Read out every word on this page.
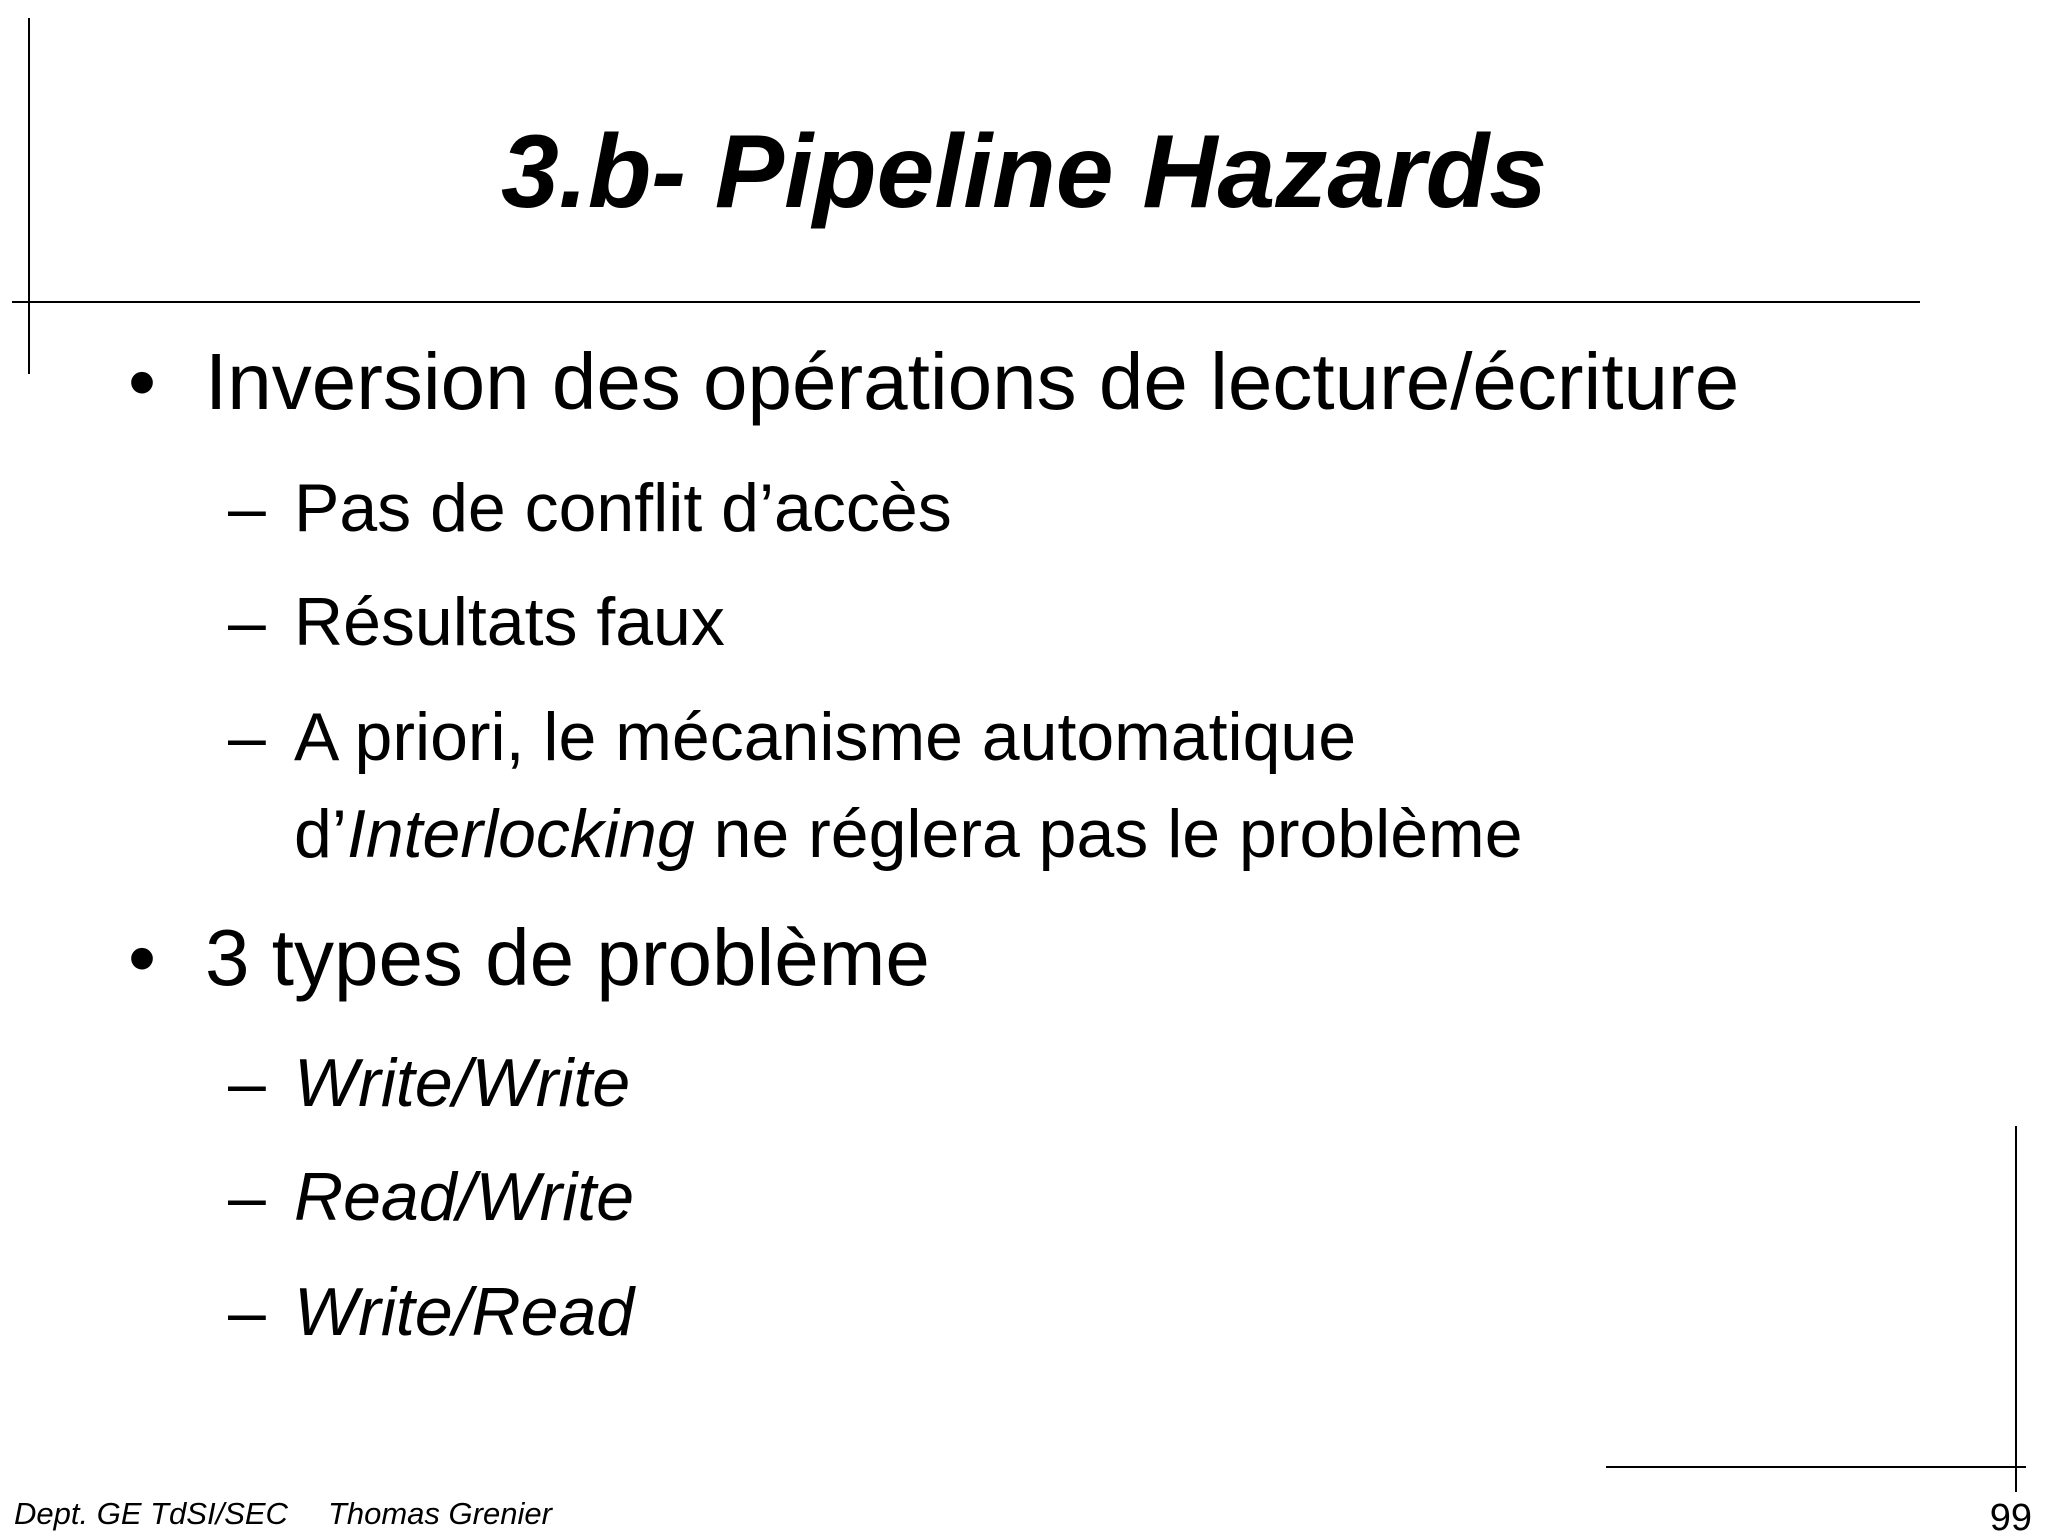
3.b- Pipeline Hazards
• Inversion des opérations de lecture/écriture
– Pas de conflit d’accès
– Résultats faux
– A priori, le mécanisme automatique
d’Interlocking ne réglera pas le problème
• 3 types de problème
– Write/Write
– Read/Write
– Write/Read
Dept. GE TdSI/SEC Thomas Grenier	99
